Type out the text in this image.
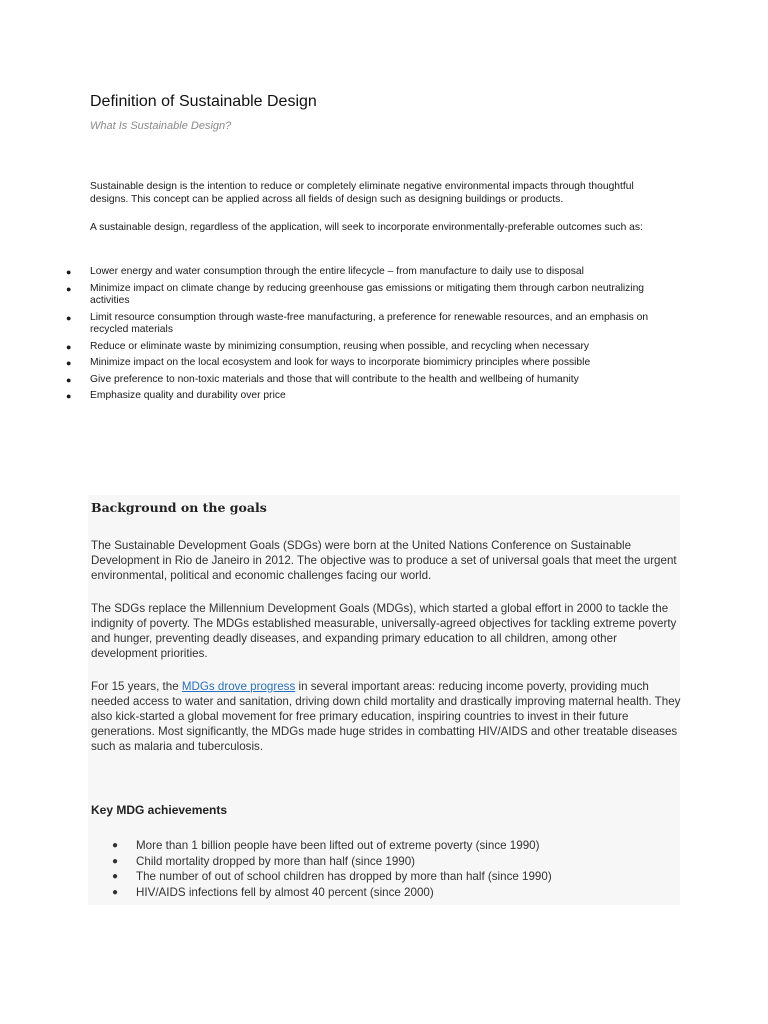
Definition of Sustainable Design

What Is Sustainable Design?

Sustainable design is the intention to reduce or completely eliminate negative environmental impacts through thoughtful designs. This concept can be applied across all fields of design such as designing buildings or products.

A sustainable design, regardless of the application, will seek to incorporate environmentally-preferable outcomes such as:

● Lower energy and water consumption through the entire lifecycle – from manufacture to daily use to disposal
● Minimize impact on climate change by reducing greenhouse gas emissions or mitigating them through carbon neutralizing activities
● Limit resource consumption through waste-free manufacturing, a preference for renewable resources, and an emphasis on recycled materials
● Reduce or eliminate waste by minimizing consumption, reusing when possible, and recycling when necessary
● Minimize impact on the local ecosystem and look for ways to incorporate biomimicry principles where possible
● Give preference to non-toxic materials and those that will contribute to the health and wellbeing of humanity
● Emphasize quality and durability over price
Background on the goals

The Sustainable Development Goals (SDGs) were born at the United Nations Conference on Sustainable Development in Rio de Janeiro in 2012. The objective was to produce a set of universal goals that meet the urgent environmental, political and economic challenges facing our world.

The SDGs replace the Millennium Development Goals (MDGs), which started a global effort in 2000 to tackle the indignity of poverty. The MDGs established measurable, universally-agreed objectives for tackling extreme poverty and hunger, preventing deadly diseases, and expanding primary education to all children, among other development priorities.

For 15 years, the MDGs drove progress in several important areas: reducing income poverty, providing much needed access to water and sanitation, driving down child mortality and drastically improving maternal health. They also kick-started a global movement for free primary education, inspiring countries to invest in their future generations. Most significantly, the MDGs made huge strides in combatting HIV/AIDS and other treatable diseases such as malaria and tuberculosis.

Key MDG achievements
● More than 1 billion people have been lifted out of extreme poverty (since 1990)
● Child mortality dropped by more than half (since 1990)
● The number of out of school children has dropped by more than half (since 1990)
● HIV/AIDS infections fell by almost 40 percent (since 2000)
